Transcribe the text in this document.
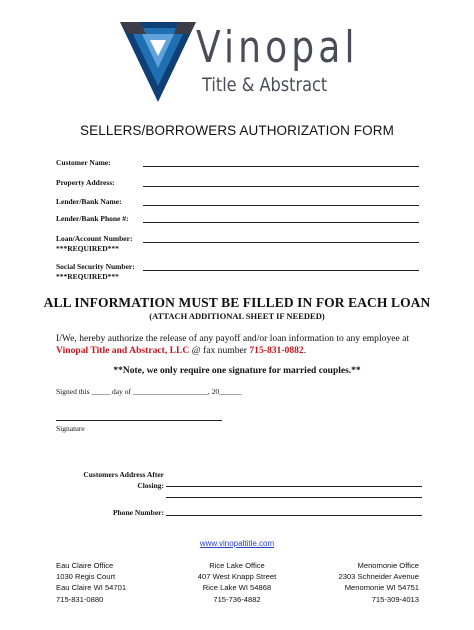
Vinopal
Title & Abstract
SELLERS/BORROWERS AUTHORIZATION FORM
Customer Name:
Property Address:
Lender/Bank Name:
Lender/Bank Phone #:
Loan/Account Number:
***REQUIRED***
Social Security Number:
***REQUIRED***
ALL INFORMATION MUST BE FILLED IN FOR EACH LOAN
(ATTACH ADDITIONAL SHEET IF NEEDED)
I/We, hereby authorize the release of any payoff and/or loan information to any employee at Vinopal Title and Abstract, LLC @ fax number 715-831-0882.
**Note, we only require one signature for married couples.**
Signed this _____ day of ____________________, 20______
Signature
Customers Address After
Closing:
Phone Number:
www.vinopaltitle.com
Eau Claire Office
1030 Regis Court
Eau Claire WI 54701
715-831-0880
Rice Lake Office
407 West Knapp Street
Rice Lake WI 54868
715-736-4882
Menomonie Office
2303 Schneider Avenue
Menomonie WI 54751
715-309-4013
